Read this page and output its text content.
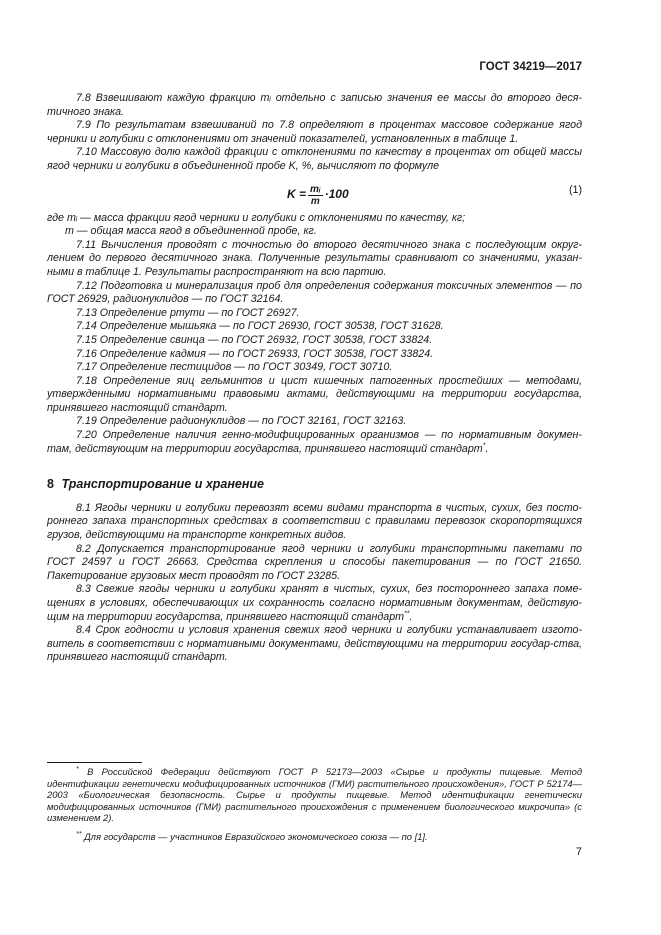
ГОСТ 34219—2017

7.8 Взвешивают каждую фракцию mᵢ отдельно с записью значения ее массы до второго деся-тичного знака.

7.9 По результатам взвешиваний по 7.8 определяют в процентах массовое содержание ягод черники и голубики с отклонениями от значений показателей, установленных в таблице 1.

7.10 Массовую долю каждой фракции с отклонениями по качеству в процентах от общей массы ягод черники и голубики в объединенной пробе K, %, вычисляют по формуле

$K = \frac{\text{mᵢ}}{m} \cdot 100$	(1)
где mᵢ — масса фракции ягод черники и голубики с отклонениями по качеству, кг;
m — общая масса ягод в объединенной пробе, кг.

7.11 Вычисления проводят с точностью до второго десятичного знака с последующим округ-лением до первого десятичного знака. Полученные результаты сравнивают со значениями, указан-ными в таблице 1. Результаты распространяют на всю партию.

7.12 Подготовка и минерализация проб для определения содержания токсичных элементов — по ГОСТ 26929, радионуклидов — по ГОСТ 32164.

7.13 Определение ртути — по ГОСТ 26927.

7.14 Определение мышьяка — по ГОСТ 26930, ГОСТ 30538, ГОСТ 31628.

7.15 Определение свинца — по ГОСТ 26932, ГОСТ 30538, ГОСТ 33824.

7.16 Определение кадмия — по ГОСТ 26933, ГОСТ 30538, ГОСТ 33824.

7.17 Определение пестицидов — по ГОСТ 30349, ГОСТ 30710.

7.18 Определение яиц гельминтов и цист кишечных патогенных простейших — методами, утвержденными нормативными правовыми актами, действующими на территории государства, принявшего настоящий стандарт.

7.19 Определение радионуклидов — по ГОСТ 32161, ГОСТ 32163.

7.20 Определение наличия генно-модифицированных организмов — по нормативным докумен-там, действующим на территории государства, принявшего настоящий стандарт*.

8 Транспортирование и хранение

8.1 Ягоды черники и голубики перевозят всеми видами транспорта в чистых, сухих, без посто-роннего запаха транспортных средствах в соответствии с правилами перевозок скоропортящихся грузов, действующими на транспорте конкретных видов.

8.2 Допускается транспортирование ягод черники и голубики транспортными пакетами по ГОСТ 24597 и ГОСТ 26663. Средства скрепления и способы пакетирования — по ГОСТ 21650. Пакетирование грузовых мест проводят по ГОСТ 23285.

8.3 Свежие ягоды черники и голубики хранят в чистых, сухих, без постороннего запаха поме-щениях в условиях, обеспечивающих их сохранность согласно нормативным документам, действую-щим на территории государства, принявшего настоящий стандарт**.

8.4 Срок годности и условия хранения свежих ягод черники и голубики устанавливает изгото-витель в соответствии с нормативными документами, действующими на территории государ-ства, принявшего настоящий стандарт.

* В Российской Федерации действуют ГОСТ Р 52173—2003 «Сырье и продукты пищевые. Метод идентификации генетически модифицированных источников (ГМИ) растительного происхождения», ГОСТ Р 52174—2003 «Биологическая безопасность. Сырье и продукты пищевые. Метод идентификации генетически модифицированных источников (ГМИ) растительного происхождения с применением биологического микрочипа» (с изменением 2).

** Для государств — участников Евразийского экономического союза — по [1].

7
